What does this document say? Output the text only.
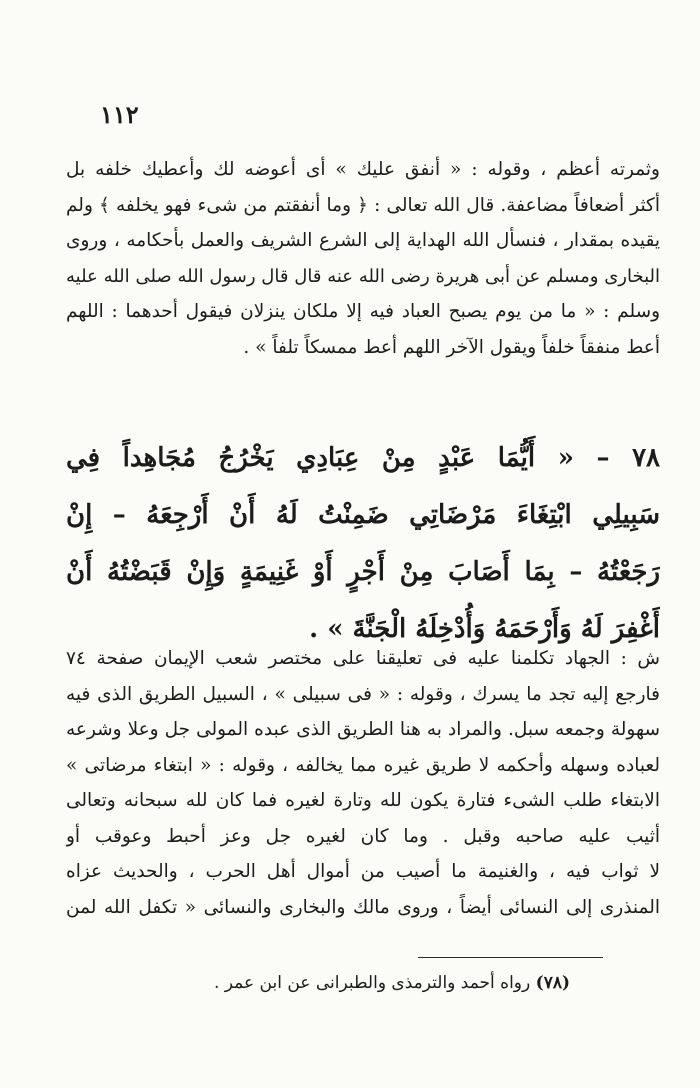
١١٢
وثمرته أعظم ، وقوله : « أنفق عليك » أى أعوضه لك وأعطيك خلفه بل
أكثر أضعافاً مضاعفة. قال الله تعالى : ﴿ وما أنفقتم من شىء فهو يخلفه ﴾ ولم
يقيده بمقدار ، فنسأل الله الهداية إلى الشرع الشريف والعمل بأحكامه ، وروى
البخارى ومسلم عن أبى هريرة رضى الله عنه قال قال رسول الله صلى الله عليه
وسلم : « ما من يوم يصبح العباد فيه إلا ملكان ينزلان فيقول أحدهما : اللهم
أعط منفقاً خلفاً ويقول الآخر اللهم أعط ممسكاً تلفاً » .
٧٨ – « أَيُّمَا عَبْدٍ مِنْ عِبَادِي يَخْرُجُ مُجَاهِداً فِي
سَبِيلِي ابْتِغَاءَ مَرْضَاتِي ضَمِنْتُ لَهُ أَنْ أَرْجِعَهُ – إِنْ
رَجَعْتُهُ – بِمَا أَصَابَ مِنْ أَجْرٍ أَوْ غَنِيمَةٍ وَإِنْ قَبَضْتُهُ أَنْ
أَغْفِرَ لَهُ وَأَرْحَمَهُ وَأُدْخِلَهُ الْجَنَّةَ » .
ش : الجهاد تكلمنا عليه فى تعليقنا على مختصر شعب الإيمان صفحة ٧٤
فارجع إليه تجد ما يسرك ، وقوله : « فى سبيلى » ، السبيل الطريق الذى فيه
سهولة وجمعه سبل. والمراد به هنا الطريق الذى عبده المولى جل وعلا وشرعه
لعباده وسهله وأحكمه لا طريق غيره مما يخالفه ، وقوله : « ابتغاء مرضاتى »
الابتغاء طلب الشىء فتارة يكون لله وتارة لغيره فما كان لله سبحانه وتعالى
أثيب عليه صاحبه وقبل . وما كان لغيره جل وعز أحبط وعوقب أو
لا ثواب فيه ، والغنيمة ما أصيب من أموال أهل الحرب ، والحديث عزاه
المنذرى إلى النسائى أيضاً ، وروى مالك والبخارى والنسائى « تكفل الله لمن
(٧٨) رواه أحمد والترمذى والطبرانى عن ابن عمر .
